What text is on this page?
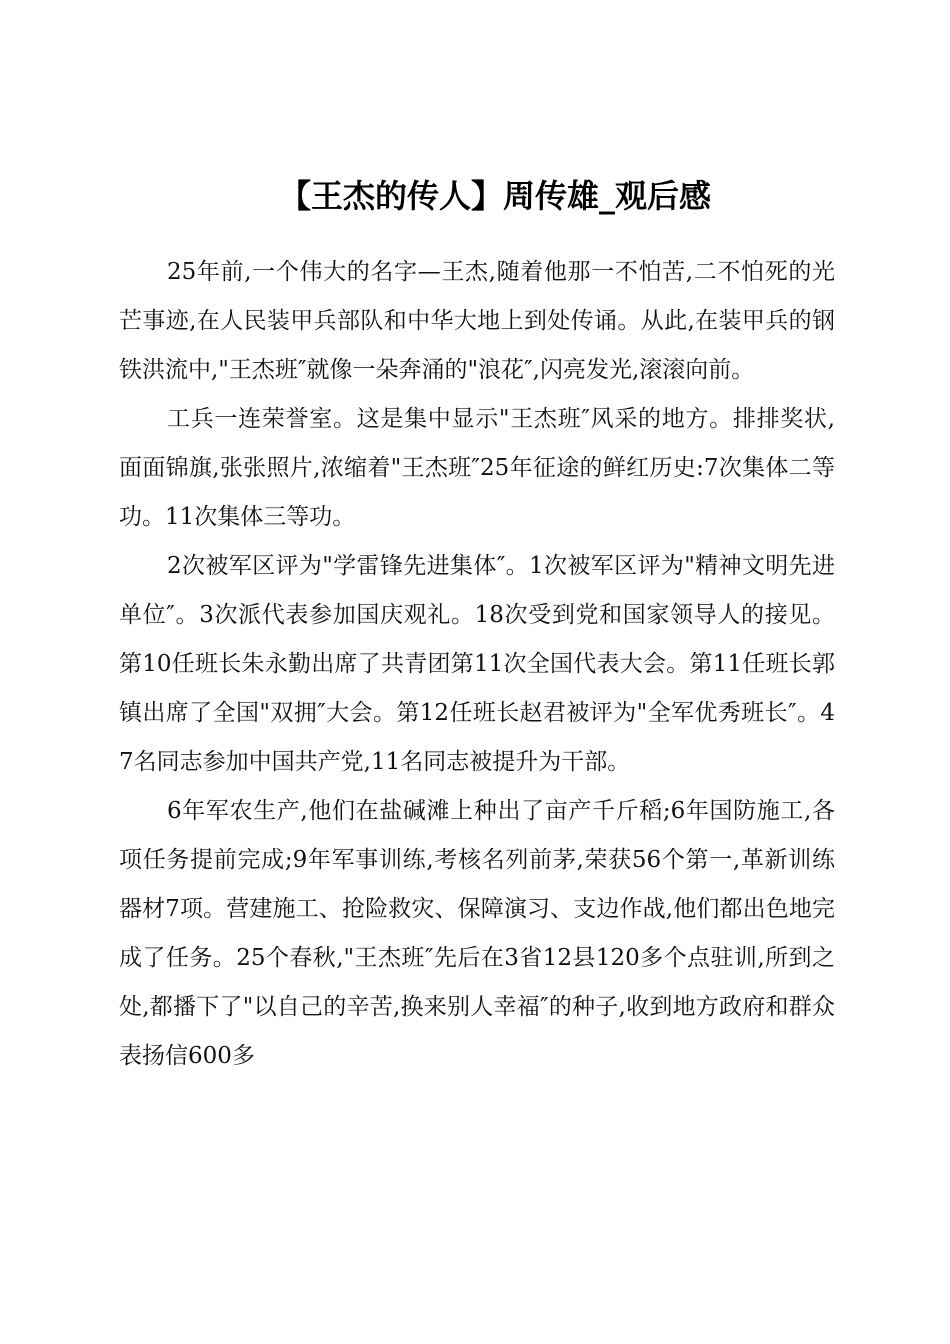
【王杰的传人】周传雄_观后感

25年前,一个伟大的名字—王杰,随着他那一不怕苦,二不怕死的光芒事迹,在人民装甲兵部队和中华大地上到处传诵。从此,在装甲兵的钢铁洪流中,"王杰班″就像一朵奔涌的"浪花″,闪亮发光,滚滚向前。

工兵一连荣誉室。这是集中显示"王杰班″风采的地方。排排奖状,面面锦旗,张张照片,浓缩着"王杰班″25年征途的鲜红历史:7次集体二等功。11次集体三等功。

2次被军区评为"学雷锋先进集体″。1次被军区评为"精神文明先进单位″。3次派代表参加国庆观礼。18次受到党和国家领导人的接见。第10任班长朱永勤出席了共青团第11次全国代表大会。第11任班长郭镇出席了全国"双拥″大会。第12任班长赵君被评为"全军优秀班长″。47名同志参加中国共产党,11名同志被提升为干部。

6年军农生产,他们在盐碱滩上种出了亩产千斤稻;6年国防施工,各项任务提前完成;9年军事训练,考核名列前茅,荣获56个第一,革新训练器材7项。营建施工、抢险救灾、保障演习、支边作战,他们都出色地完成了任务。25个春秋,"王杰班″先后在3省12县120多个点驻训,所到之处,都播下了"以自己的辛苦,换来别人幸福″的种子,收到地方政府和群众表扬信600多
